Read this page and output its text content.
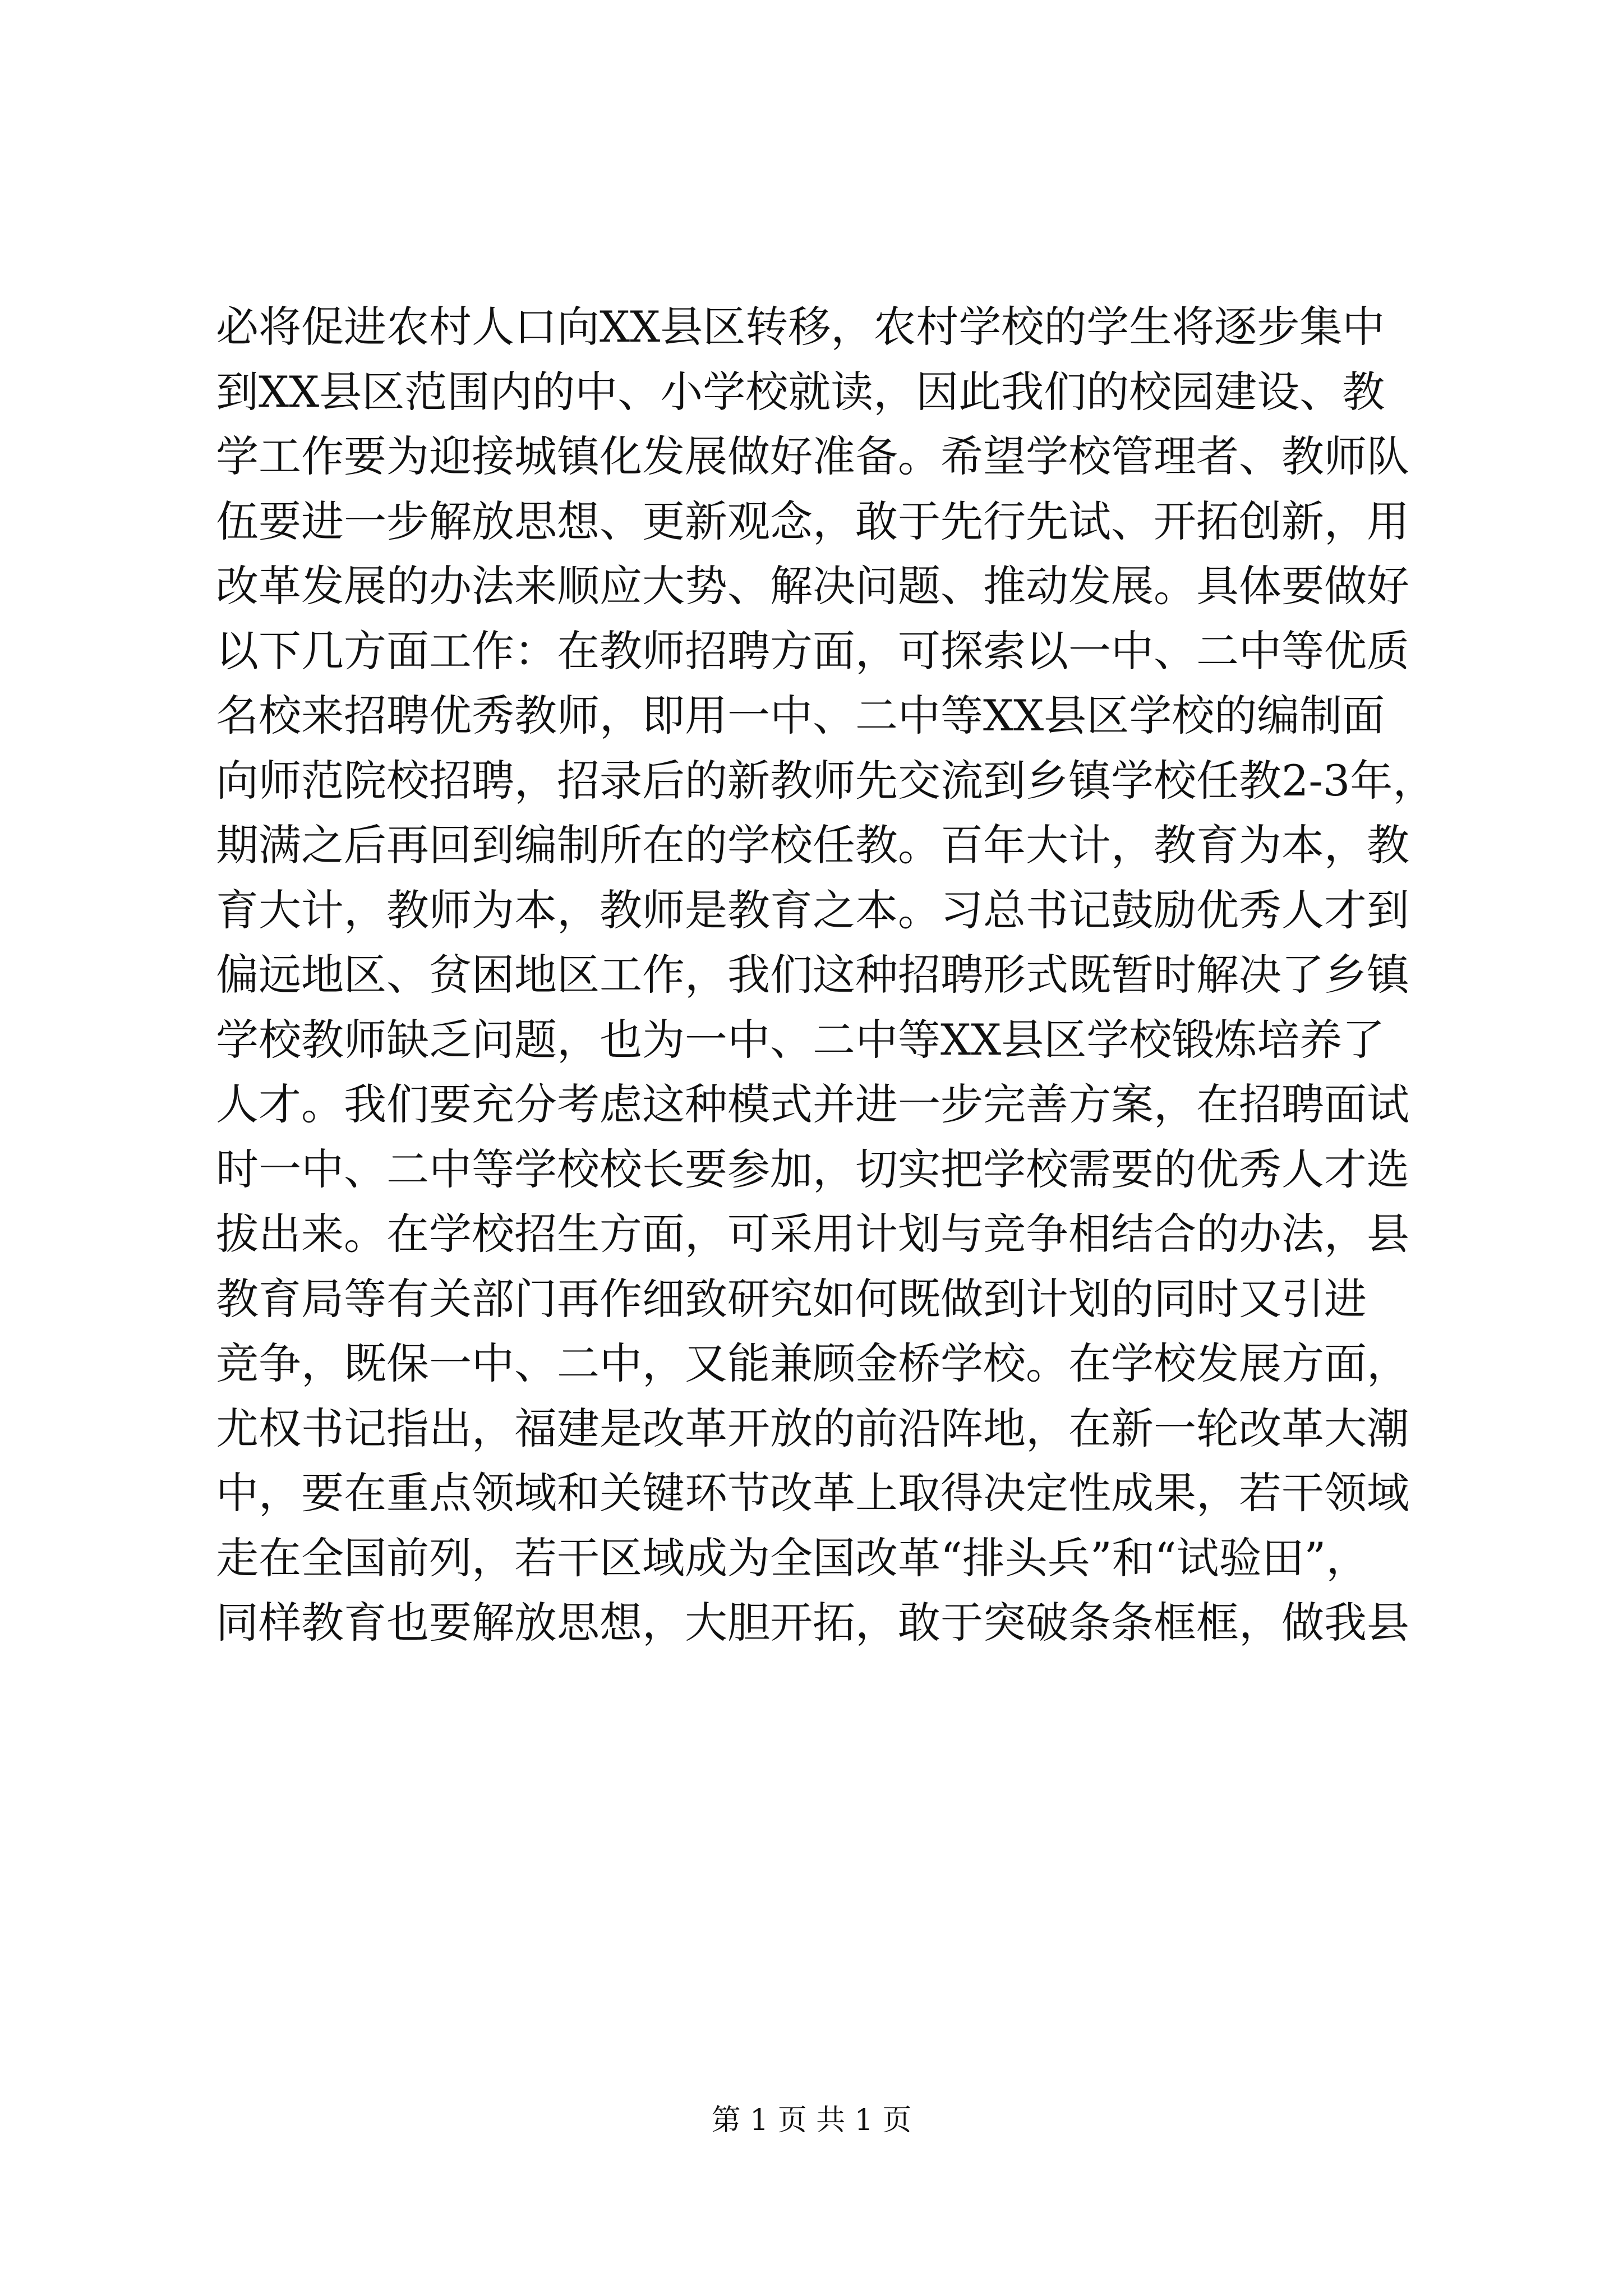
必将促进农村人口向XX县区转移，农村学校的学生将逐步集中
到XX县区范围内的中、小学校就读，因此我们的校园建设、教
学工作要为迎接城镇化发展做好准备。希望学校管理者、教师队
伍要进一步解放思想、更新观念，敢于先行先试、开拓创新，用
改革发展的办法来顺应大势、解决问题、推动发展。具体要做好
以下几方面工作：在教师招聘方面，可探索以一中、二中等优质
名校来招聘优秀教师，即用一中、二中等XX县区学校的编制面
向师范院校招聘，招录后的新教师先交流到乡镇学校任教2-3年，
期满之后再回到编制所在的学校任教。百年大计，教育为本，教
育大计，教师为本，教师是教育之本。习总书记鼓励优秀人才到
偏远地区、贫困地区工作，我们这种招聘形式既暂时解决了乡镇
学校教师缺乏问题，也为一中、二中等XX县区学校锻炼培养了
人才。我们要充分考虑这种模式并进一步完善方案，在招聘面试
时一中、二中等学校校长要参加，切实把学校需要的优秀人才选
拔出来。在学校招生方面，可采用计划与竞争相结合的办法，县
教育局等有关部门再作细致研究如何既做到计划的同时又引进
竞争，既保一中、二中，又能兼顾金桥学校。在学校发展方面，
尤权书记指出，福建是改革开放的前沿阵地，在新一轮改革大潮
中，要在重点领域和关键环节改革上取得决定性成果，若干领域
走在全国前列，若干区域成为全国改革“排头兵”和“试验田”，
同样教育也要解放思想，大胆开拓，敢于突破条条框框，做我县
第 1 页 共 1 页
